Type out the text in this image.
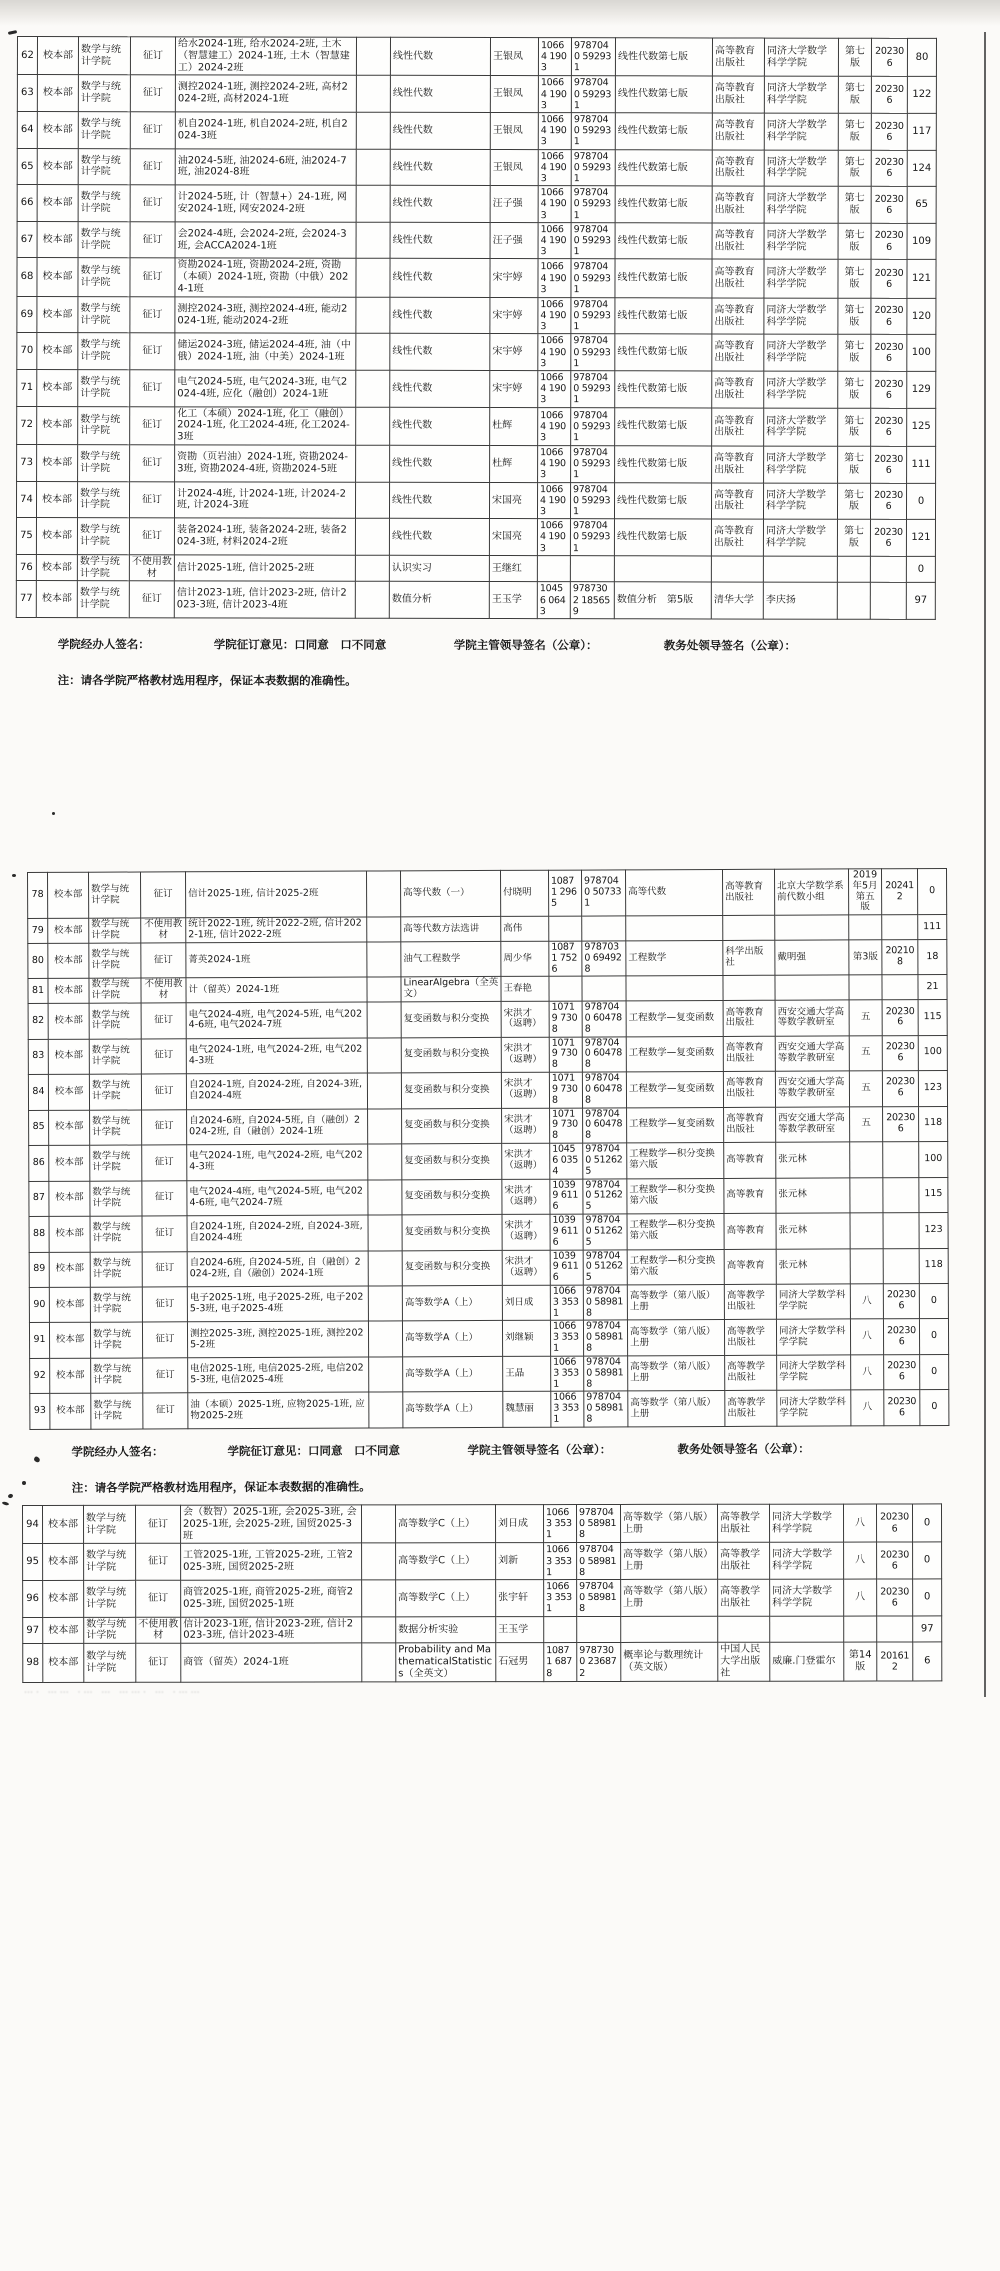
62	校本部	数学与统计学院	征订	给水2024-1班, 给水2024-2班, 土木（智慧建工）2024-1班, 土木（智慧建工）2024-2班		线性代数	王银凤	10664 1903	9787040 592931	线性代数第七版	高等教育出版社	同济大学数学科学学院	第七版	202306	80
63	校本部	数学与统计学院	征订	测控2024-1班, 测控2024-2班, 高材2024-2班, 高材2024-1班		线性代数	王银凤	10664 1903	9787040 592931	线性代数第七版	高等教育出版社	同济大学数学科学学院	第七版	202306	122
64	校本部	数学与统计学院	征订	机自2024-1班, 机自2024-2班, 机自2024-3班		线性代数	王银凤	10664 1903	9787040 592931	线性代数第七版	高等教育出版社	同济大学数学科学学院	第七版	202306	117
65	校本部	数学与统计学院	征订	油2024-5班, 油2024-6班, 油2024-7班, 油2024-8班		线性代数	王银凤	10664 1903	9787040 592931	线性代数第七版	高等教育出版社	同济大学数学科学学院	第七版	202306	124
66	校本部	数学与统计学院	征订	计2024-5班, 计（智慧+）24-1班, 网安2024-1班, 网安2024-2班		线性代数	汪子强	10664 1903	9787040 592931	线性代数第七版	高等教育出版社	同济大学数学科学学院	第七版	202306	65
67	校本部	数学与统计学院	征订	会2024-4班, 会2024-2班, 会2024-3班, 会ACCA2024-1班		线性代数	汪子强	10664 1903	9787040 592931	线性代数第七版	高等教育出版社	同济大学数学科学学院	第七版	202306	109
68	校本部	数学与统计学院	征订	资勘2024-1班, 资勘2024-2班, 资勘（本硕）2024-1班, 资勘（中俄）2024-1班		线性代数	宋宇婷	10664 1903	9787040 592931	线性代数第七版	高等教育出版社	同济大学数学科学学院	第七版	202306	121
69	校本部	数学与统计学院	征订	测控2024-3班, 测控2024-4班, 能动2024-1班, 能动2024-2班		线性代数	宋宇婷	10664 1903	9787040 592931	线性代数第七版	高等教育出版社	同济大学数学科学学院	第七版	202306	120
70	校本部	数学与统计学院	征订	储运2024-3班, 储运2024-4班, 油（中俄）2024-1班, 油（中美）2024-1班		线性代数	宋宇婷	10664 1903	9787040 592931	线性代数第七版	高等教育出版社	同济大学数学科学学院	第七版	202306	100
71	校本部	数学与统计学院	征订	电气2024-5班, 电气2024-3班, 电气2024-4班, 应化（融创）2024-1班		线性代数	宋宇婷	10664 1903	9787040 592931	线性代数第七版	高等教育出版社	同济大学数学科学学院	第七版	202306	129
72	校本部	数学与统计学院	征订	化工（本硕）2024-1班, 化工（融创）2024-1班, 化工2024-4班, 化工2024-3班		线性代数	杜辉	10664 1903	9787040 592931	线性代数第七版	高等教育出版社	同济大学数学科学学院	第七版	202306	125
73	校本部	数学与统计学院	征订	资勘（页岩油）2024-1班, 资勘2024-3班, 资勘2024-4班, 资勘2024-5班		线性代数	杜辉	10664 1903	9787040 592931	线性代数第七版	高等教育出版社	同济大学数学科学学院	第七版	202306	111
74	校本部	数学与统计学院	征订	计2024-4班, 计2024-1班, 计2024-2班, 计2024-3班		线性代数	宋国亮	10664 1903	9787040 592931	线性代数第七版	高等教育出版社	同济大学数学科学学院	第七版	202306	0
75	校本部	数学与统计学院	征订	装备2024-1班, 装备2024-2班, 装备2024-3班, 材料2024-2班		线性代数	宋国亮	10664 1903	9787040 592931	线性代数第七版	高等教育出版社	同济大学数学科学学院	第七版	202306	121
76	校本部	数学与统计学院	不使用教材	信计2025-1班, 信计2025-2班		认识实习	王继红								0
77	校本部	数学与统计学院	征订	信计2023-1班, 信计2023-2班, 信计2023-3班, 信计2023-4班		数值分析	王玉学	10456 0643	9787302 185659	数值分析　第5版	清华大学	李庆扬			97
学院经办人签名：	学院征订意见：口同意　口不同意	学院主管领导签名（公章）：	教务处领导签名（公章）：
注：请各学院严格教材选用程序，保证本表数据的准确性。
78	校本部	数学与统计学院	征订	信计2025-1班, 信计2025-2班		高等代数（一）	付晓明	10871 2965	9787040 507331	高等代数	高等教育出版社	北京大学数学系前代数小组	2019年5月第五版	202412	0
79	校本部	数学与统计学院	不使用教材	统计2022-1班, 统计2022-2班, 信计2022-1班, 信计2022-2班		高等代数方法选讲	高伟								111
80	校本部	数学与统计学院	征订	菁英2024-1班		油气工程数学	周少华	10871 7526	9787030 694928	工程数学	科学出版社	戴明强	第3版	202108	18
81	校本部	数学与统计学院	不使用教材	计（留英）2024-1班		LinearAlgebra（全英文）	王春艳								21
82	校本部	数学与统计学院	征订	电气2024-4班, 电气2024-5班, 电气2024-6班, 电气2024-7班		复变函数与积分变换	宋洪才（返聘）	10719 7308	9787040 604788	工程数学—复变函数	高等教育出版社	西安交通大学高等数学教研室	五	202306	115
83	校本部	数学与统计学院	征订	电气2024-1班, 电气2024-2班, 电气2024-3班		复变函数与积分变换	宋洪才（返聘）	10719 7308	9787040 604788	工程数学—复变函数	高等教育出版社	西安交通大学高等数学教研室	五	202306	100
84	校本部	数学与统计学院	征订	自2024-1班, 自2024-2班, 自2024-3班, 自2024-4班		复变函数与积分变换	宋洪才（返聘）	10719 7308	9787040 604788	工程数学—复变函数	高等教育出版社	西安交通大学高等数学教研室	五	202306	123
85	校本部	数学与统计学院	征订	自2024-6班, 自2024-5班, 自（融创）2024-2班, 自（融创）2024-1班		复变函数与积分变换	宋洪才（返聘）	10719 7308	9787040 604788	工程数学—复变函数	高等教育出版社	西安交通大学高等数学教研室	五	202306	118
86	校本部	数学与统计学院	征订	电气2024-1班, 电气2024-2班, 电气2024-3班		复变函数与积分变换	宋洪才（返聘）	10456 0354	9787040 512625	工程数学—积分变换　第六版	高等教育	张元林			100
87	校本部	数学与统计学院	征订	电气2024-4班, 电气2024-5班, 电气2024-6班, 电气2024-7班		复变函数与积分变换	宋洪才（返聘）	10399 6116	9787040 512625	工程数学—积分变换　第六版	高等教育	张元林			115
88	校本部	数学与统计学院	征订	自2024-1班, 自2024-2班, 自2024-3班, 自2024-4班		复变函数与积分变换	宋洪才（返聘）	10399 6116	9787040 512625	工程数学—积分变换　第六版	高等教育	张元林			123
89	校本部	数学与统计学院	征订	自2024-6班, 自2024-5班, 自（融创）2024-2班, 自（融创）2024-1班		复变函数与积分变换	宋洪才（返聘）	10399 6116	9787040 512625	工程数学—积分变换　第六版	高等教育	张元林			118
90	校本部	数学与统计学院	征订	电子2025-1班, 电子2025-2班, 电子2025-3班, 电子2025-4班		高等数学A（上）	刘日成	10663 3531	9787040 589818	高等数学（第八版）上册	高等教学出版社	同济大学数学科学学院	八	202306	0
91	校本部	数学与统计学院	征订	测控2025-3班, 测控2025-1班, 测控2025-2班		高等数学A（上）	刘继颖	10663 3531	9787040 589818	高等数学（第八版）上册	高等教学出版社	同济大学数学科学学院	八	202306	0
92	校本部	数学与统计学院	征订	电信2025-1班, 电信2025-2班, 电信2025-3班, 电信2025-4班		高等数学A（上）	王晶	10663 3531	9787040 589818	高等数学（第八版）上册	高等教学出版社	同济大学数学科学学院	八	202306	0
93	校本部	数学与统计学院	征订	油（本硕）2025-1班, 应物2025-1班, 应物2025-2班		高等数学A（上）	魏慧丽	10663 3531	9787040 589818	高等数学（第八版）上册	高等教学出版社	同济大学数学科学学院	八	202306	0
学院经办人签名：	学院征订意见：口同意　口不同意	学院主管领导签名（公章）：	教务处领导签名（公章）：
注：请各学院严格教材选用程序，保证本表数据的准确性。
94	校本部	数学与统计学院	征订	会（数智）2025-1班, 会2025-3班, 会2025-1班, 会2025-2班, 国贸2025-3班		高等数学C（上）	刘日成	10663 3531	9787040 589818	高等数学（第八版）上册	高等教学出版社	同济大学数学科学学院	八	202306	0
95	校本部	数学与统计学院	征订	工管2025-1班, 工管2025-2班, 工管2025-3班, 国贸2025-2班		高等数学C（上）	刘新	10663 3531	9787040 589818	高等数学（第八版）上册	高等教学出版社	同济大学数学科学学院	八	202306	0
96	校本部	数学与统计学院	征订	商管2025-1班, 商管2025-2班, 商管2025-3班, 国贸2025-1班		高等数学C（上）	张宇轩	10663 3531	9787040 589818	高等数学（第八版）上册	高等教学出版社	同济大学数学科学学院	八	202306	0
97	校本部	数学与统计学院	不使用教材	信计2023-1班, 信计2023-2班, 信计2023-3班, 信计2023-4班		数据分析实验	王玉学								97
98	校本部	数学与统计学院	征订	商管（留英）2024-1班		Probability and MathematicalStatistics（全英文）	石冠男	10871 6878	9787300 236872	概率论与数理统计（英文版）	中国人民大学出版社	威廉.门登霍尔	第14版	201612	6
⋯· ⋯⋯ ·⋯ ⋯ ⋯⋯· ⋯ ·⋯⋯
